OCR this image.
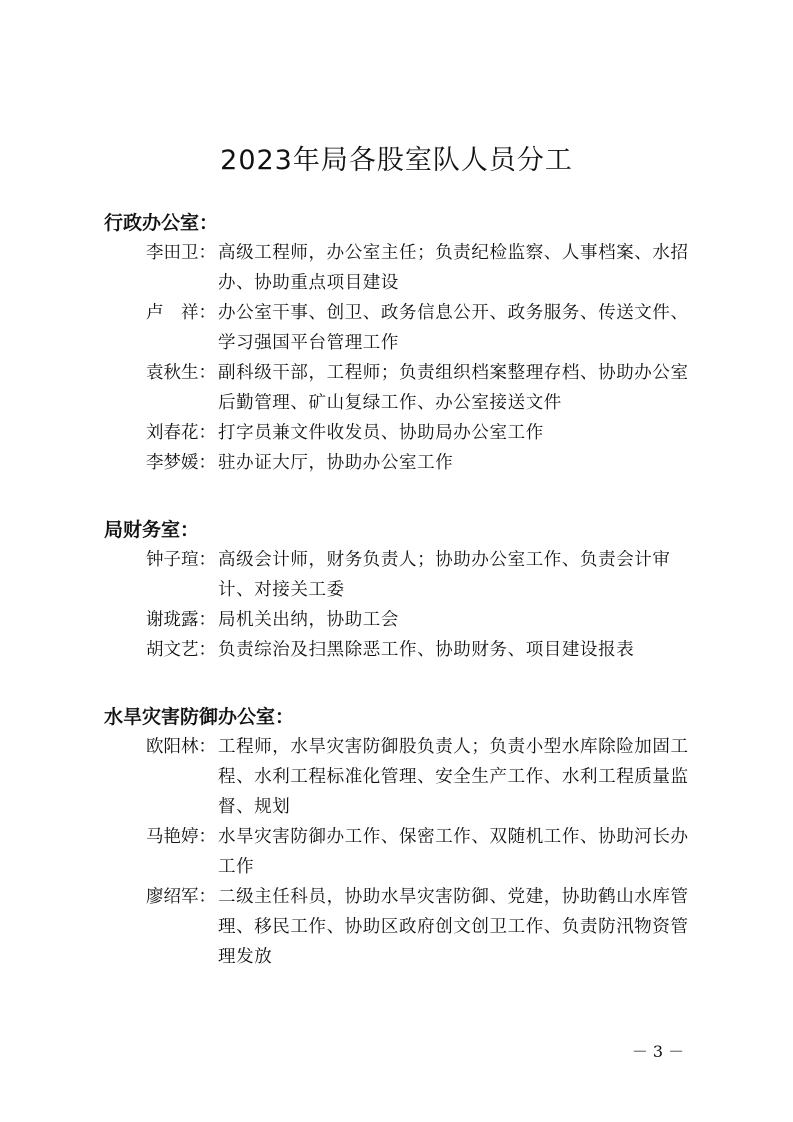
2023年局各股室队人员分工
行政办公室：
李田卫： 高级工程师，办公室主任；负责纪检监察、人事档案、水招办、协助重点项目建设
卢　祥： 办公室干事、创卫、政务信息公开、政务服务、传送文件、学习强国平台管理工作
袁秋生： 副科级干部，工程师；负责组织档案整理存档、协助办公室后勤管理、矿山复绿工作、办公室接送文件
刘春花： 打字员兼文件收发员、协助局办公室工作
李梦媛： 驻办证大厅，协助办公室工作
局财务室：
钟子瑄： 高级会计师，财务负责人；协助办公室工作、负责会计审计、对接关工委
谢珑露： 局机关出纳，协助工会
胡文艺： 负责综治及扫黑除恶工作、协助财务、项目建设报表
水旱灾害防御办公室：
欧阳林： 工程师，水旱灾害防御股负责人；负责小型水库除险加固工程、水利工程标准化管理、安全生产工作、水利工程质量监督、规划
马艳婷： 水旱灾害防御办工作、保密工作、双随机工作、协助河长办工作
廖绍军： 二级主任科员，协助水旱灾害防御、党建，协助鹤山水库管理、移民工作、协助区政府创文创卫工作、负责防汛物资管理发放
－ 3 －
